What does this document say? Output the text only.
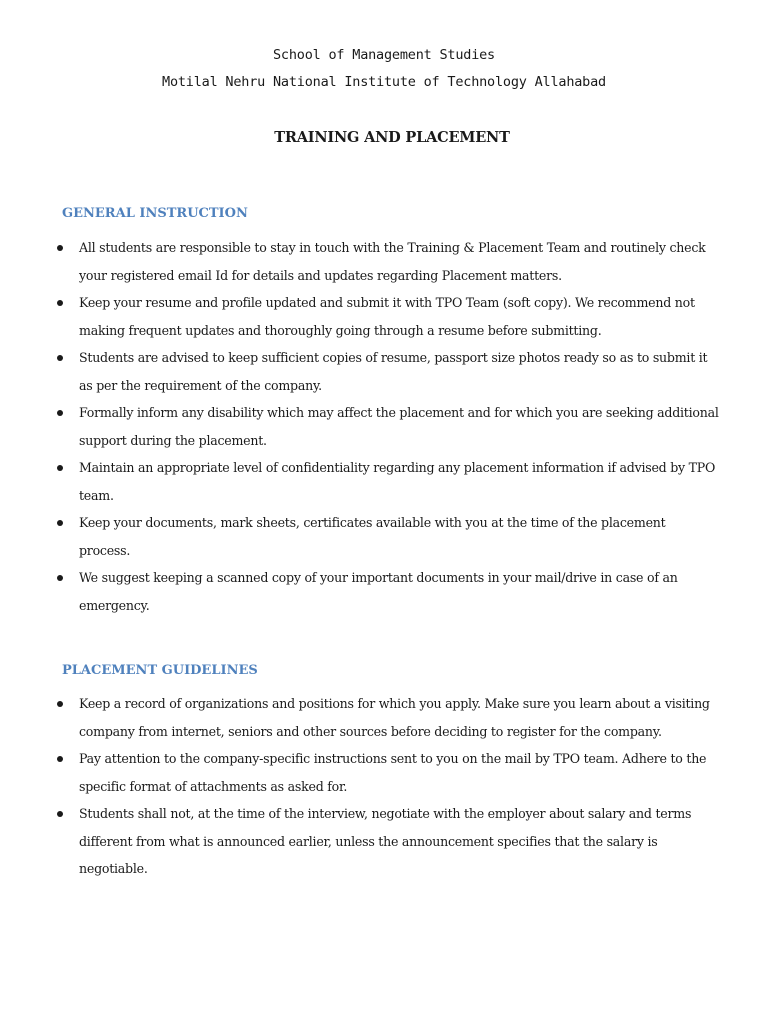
School of Management Studies
Motilal Nehru National Institute of Technology Allahabad
TRAINING AND PLACEMENT
GENERAL INSTRUCTION
All students are responsible to stay in touch with the Training & Placement Team and routinely check your registered email Id for details and updates regarding Placement matters.
Keep your resume and profile updated and submit it with TPO Team (soft copy). We recommend not making frequent updates and thoroughly going through a resume before submitting.
Students are advised to keep sufficient copies of resume, passport size photos ready so as to submit it as per the requirement of the company.
Formally inform any disability which may affect the placement and for which you are seeking additional support during the placement.
Maintain an appropriate level of confidentiality regarding any placement information if advised by TPO team.
Keep your documents, mark sheets, certificates available with you at the time of the placement process.
We suggest keeping a scanned copy of your important documents in your mail/drive in case of an emergency.
PLACEMENT GUIDELINES
Keep a record of organizations and positions for which you apply. Make sure you learn about a visiting company from internet, seniors and other sources before deciding to register for the company.
Pay attention to the company-specific instructions sent to you on the mail by TPO team. Adhere to the specific format of attachments as asked for.
Students shall not, at the time of the interview, negotiate with the employer about salary and terms different from what is announced earlier, unless the announcement specifies that the salary is negotiable.
